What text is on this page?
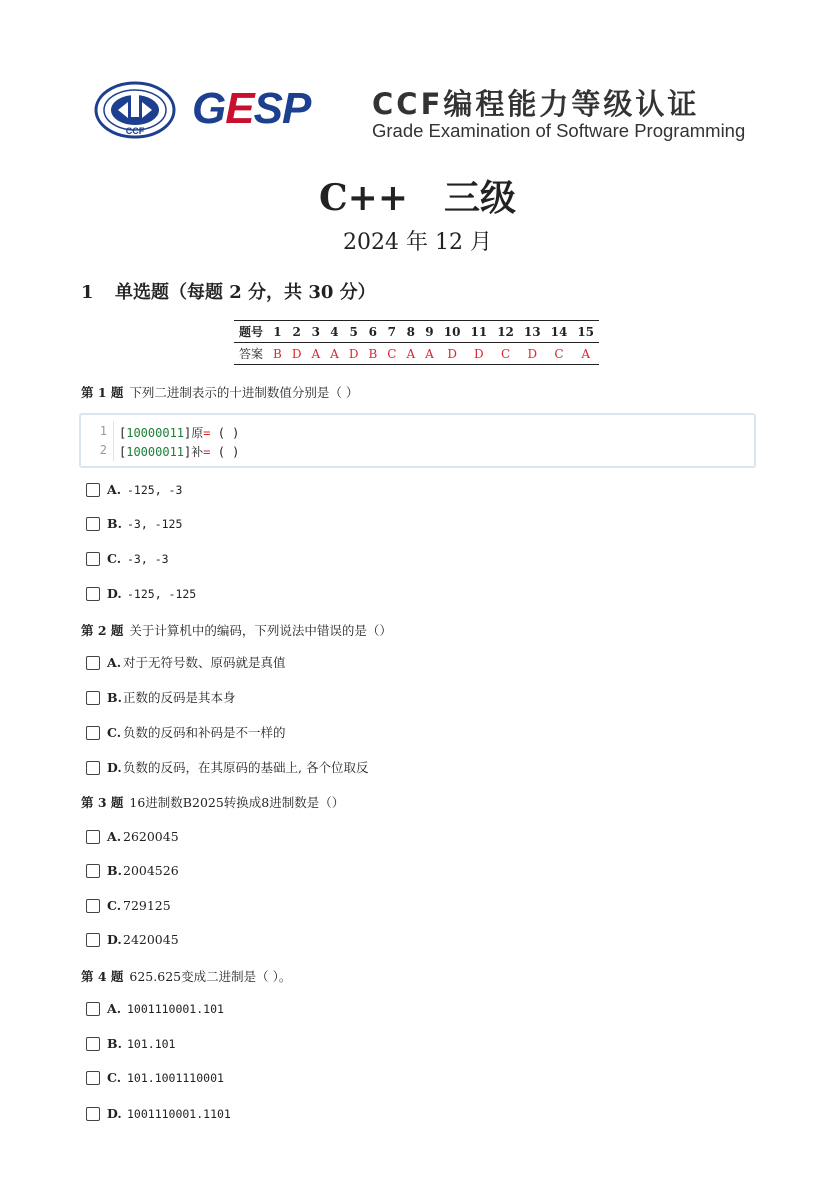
CCF GESP CCF编程能力等级认证
Grade Examination of Software Programming
C++　三级
2024 年 12 月
1 单选题（每题 2 分，共 30 分）
题号	1	2	3	4	5	6	7	8	9	10	11	12	13	14	15
答案	B	D	A	A	D	B	C	A	A	D	D	C	D	C	A
第 1 题 下列二进制表示的十进制数值分别是（ ）
1
2
[10000011]原= ( )
[10000011]补= ( )
A. -125, -3
B. -3, -125
C. -3, -3
D. -125, -125
第 2 题 关于计算机中的编码，下列说法中错误的是（）
A. 对于无符号数、原码就是真值
B. 正数的反码是其本身
C. 负数的反码和补码是不一样的
D. 负数的反码，在其原码的基础上, 各个位取反
第 3 题 16进制数B2025转换成8进制数是（）
A. 2620045
B. 2004526
C. 729125
D. 2420045
第 4 题 625.625变成二进制是（ ）。
A. 1001110001.101
B. 101.101
C. 101.1001110001
D. 1001110001.1101
